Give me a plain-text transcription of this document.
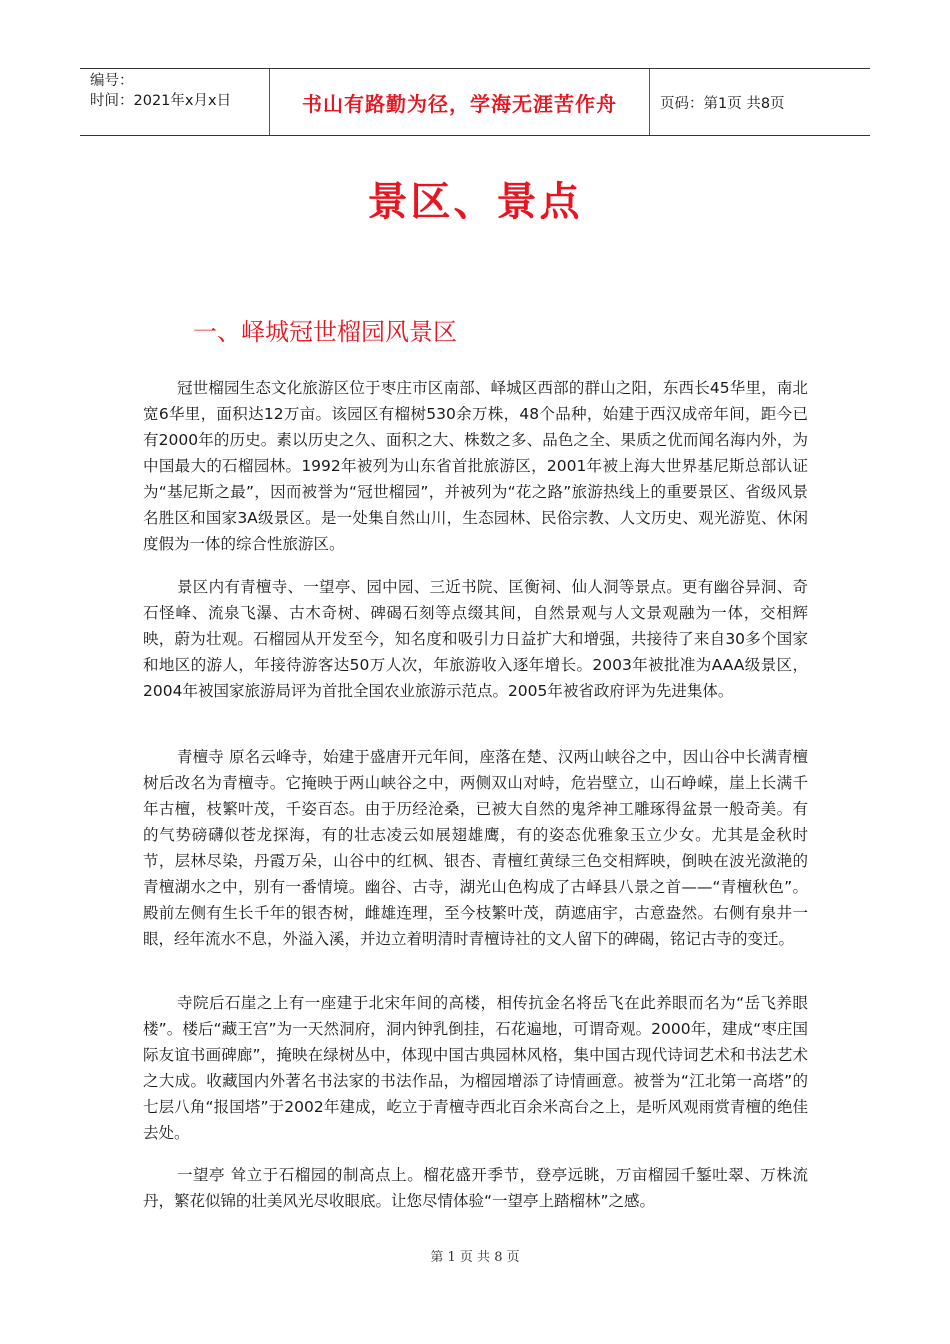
编号：
时间：2021年x月x日	书山有路勤为径，学海无涯苦作舟	页码：第1页 共8页
景区、景点
一、峄城冠世榴园风景区

冠世榴园生态文化旅游区位于枣庄市区南部、峄城区西部的群山之阳，东西长45华里，南北宽6华里，面积达12万亩。该园区有榴树530余万株，48个品种，始建于西汉成帝年间，距今已有2000年的历史。素以历史之久、面积之大、株数之多、品色之全、果质之优而闻名海内外，为中国最大的石榴园林。1992年被列为山东省首批旅游区，2001年被上海大世界基尼斯总部认证为“基尼斯之最”，因而被誉为“冠世榴园”，并被列为“花之路”旅游热线上的重要景区、省级风景名胜区和国家3A级景区。是一处集自然山川，生态园林、民俗宗教、人文历史、观光游览、休闲度假为一体的综合性旅游区。

景区内有青檀寺、一望亭、园中园、三近书院、匡衡祠、仙人洞等景点。更有幽谷异洞、奇石怪峰、流泉飞瀑、古木奇树、碑碣石刻等点缀其间，自然景观与人文景观融为一体，交相辉映，蔚为壮观。石榴园从开发至今，知名度和吸引力日益扩大和增强，共接待了来自30多个国家和地区的游人，年接待游客达50万人次，年旅游收入逐年增长。2003年被批准为AAA级景区，2004年被国家旅游局评为首批全国农业旅游示范点。2005年被省政府评为先进集体。

青檀寺 原名云峰寺，始建于盛唐开元年间，座落在楚、汉两山峡谷之中，因山谷中长满青檀树后改名为青檀寺。它掩映于两山峡谷之中，两侧双山对峙，危岩壁立，山石峥嵘，崖上长满千年古檀，枝繁叶茂，千姿百态。由于历经沧桑，已被大自然的鬼斧神工雕琢得盆景一般奇美。有的气势磅礴似苍龙探海，有的壮志凌云如展翅雄鹰，有的姿态优雅象玉立少女。尤其是金秋时节，层林尽染，丹霞万朵，山谷中的红枫、银杏、青檀红黄绿三色交相辉映，倒映在波光潋滟的青檀湖水之中，别有一番情境。幽谷、古寺，湖光山色构成了古峄县八景之首——“青檀秋色”。殿前左侧有生长千年的银杏树，雌雄连理，至今枝繁叶茂，荫遮庙宇，古意盎然。右侧有泉井一眼，经年流水不息，外溢入溪，并边立着明清时青檀诗社的文人留下的碑碣，铭记古寺的变迁。

寺院后石崖之上有一座建于北宋年间的高楼，相传抗金名将岳飞在此养眼而名为“岳飞养眼楼”。楼后“藏王宫”为一天然洞府，洞内钟乳倒挂，石花遍地，可谓奇观。2000年，建成“枣庄国际友谊书画碑廊”，掩映在绿树丛中，体现中国古典园林风格，集中国古现代诗词艺术和书法艺术之大成。收藏国内外著名书法家的书法作品，为榴园增添了诗情画意。被誉为“江北第一高塔”的七层八角“报国塔”于2002年建成，屹立于青檀寺西北百余米高台之上，是听风观雨赏青檀的绝佳去处。

一望亭 耸立于石榴园的制高点上。榴花盛开季节，登亭远眺，万亩榴园千錾吐翠、万株流丹，繁花似锦的壮美风光尽收眼底。让您尽情体验“一望亭上踏榴林”之感。

第 1 页 共 8 页
